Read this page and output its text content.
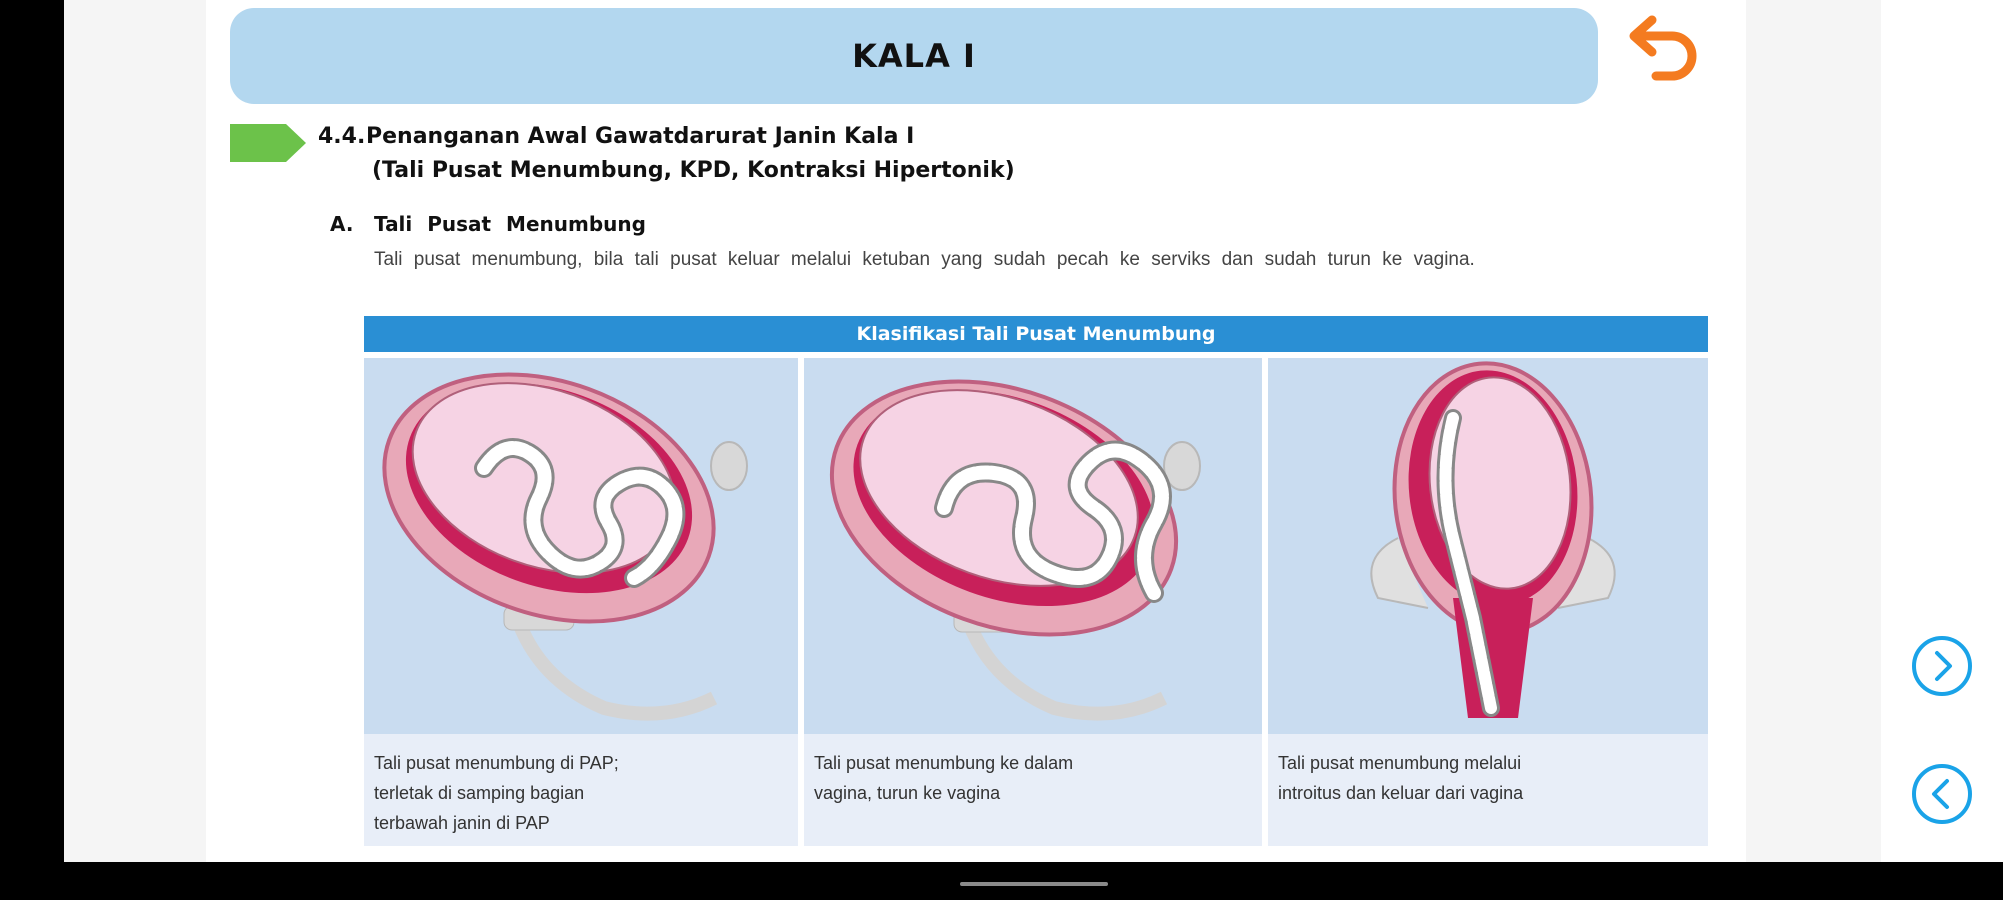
KALA I
4.4. Penanganan Awal Gawatdarurat Janin Kala I
(Tali Pusat Menumbung, KPD, Kontraksi Hipertonik)
A. Tali Pusat Menumbung
Tali pusat menumbung, bila tali pusat keluar melalui ketuban yang sudah pecah ke serviks dan sudah turun ke vagina.
Klasifikasi Tali Pusat Menumbung

Tali pusat menumbung di PAP;
terletak di samping bagian
terbawah janin di PAP

Tali pusat menumbung ke dalam
vagina, turun ke vagina

Tali pusat menumbung melalui
introitus dan keluar dari vagina
